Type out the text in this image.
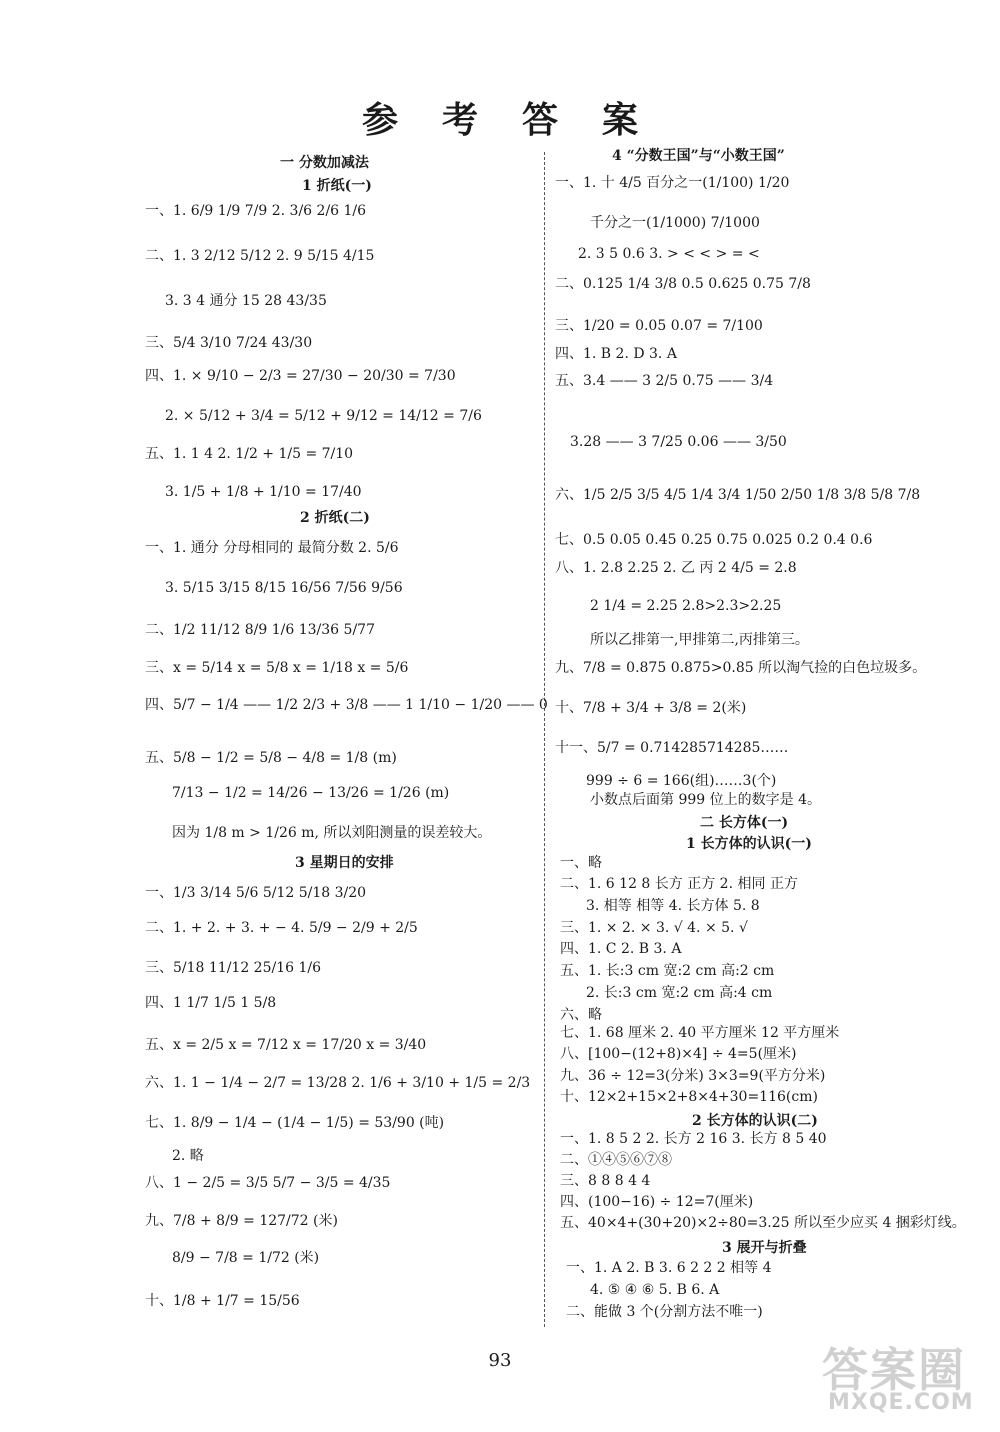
参考答案
一 分数加减法
1 折纸(一)
一、1. 6/9 1/9 7/9 2. 3/6 2/6 1/6
二、1. 3 2/12 5/12 2. 9 5/15 4/15
3. 3 4 通分 15 28 43/35
三、5/4 3/10 7/24 43/30
四、1. × 9/10 − 2/3 = 27/30 − 20/30 = 7/30
2. × 5/12 + 3/4 = 5/12 + 9/12 = 14/12 = 7/6
五、1. 1 4 2. 1/2 + 1/5 = 7/10
3. 1/5 + 1/8 + 1/10 = 17/40
2 折纸(二)
一、1. 通分 分母相同的 最简分数 2. 5/6
3. 5/15 3/15 8/15 16/56 7/56 9/56
二、1/2 11/12 8/9 1/6 13/36 5/77
三、x = 5/14 x = 5/8 x = 1/18 x = 5/6
四、5/7 − 1/4 —— 1/2 2/3 + 3/8 —— 1 1/10 − 1/20 —— 0
五、5/8 − 1/2 = 5/8 − 4/8 = 1/8 (m)
7/13 − 1/2 = 14/26 − 13/26 = 1/26 (m)
因为 1/8 m > 1/26 m, 所以刘阳测量的误差较大。
3 星期日的安排
一、1/3 3/14 5/6 5/12 5/18 3/20
二、1. + 2. + 3. + − 4. 5/9 − 2/9 + 2/5
三、5/18 11/12 25/16 1/6
四、1 1/7 1/5 1 5/8
五、x = 2/5 x = 7/12 x = 17/20 x = 3/40
六、1. 1 − 1/4 − 2/7 = 13/28 2. 1/6 + 3/10 + 1/5 = 2/3
七、1. 8/9 − 1/4 − (1/4 − 1/5) = 53/90 (吨)
2. 略
八、1 − 2/5 = 3/5 5/7 − 3/5 = 4/35
九、7/8 + 8/9 = 127/72 (米)
8/9 − 7/8 = 1/72 (米)
十、1/8 + 1/7 = 15/56
4 “分数王国”与“小数王国”
一、1. 十 4/5 百分之一(1/100) 1/20
千分之一(1/1000) 7/1000
2. 3 5 0.6 3. > < < > = <
二、0.125 1/4 3/8 0.5 0.625 0.75 7/8
三、1/20 = 0.05 0.07 = 7/100
四、1. B 2. D 3. A
五、3.4 —— 3 2/5 0.75 —— 3/4
3.28 —— 3 7/25 0.06 —— 3/50
六、1/5 2/5 3/5 4/5 1/4 3/4 1/50 2/50 1/8 3/8 5/8 7/8
七、0.5 0.05 0.45 0.25 0.75 0.025 0.2 0.4 0.6
八、1. 2.8 2.25 2. 乙 丙 2 4/5 = 2.8
2 1/4 = 2.25 2.8>2.3>2.25
所以乙排第一,甲排第二,丙排第三。
九、7/8 = 0.875 0.875>0.85 所以淘气捡的白色垃圾多。
十、7/8 + 3/4 + 3/8 = 2(米)
十一、5/7 = 0.714285714285……
999 ÷ 6 = 166(组)……3(个)
小数点后面第 999 位上的数字是 4。
二 长方体(一)
1 长方体的认识(一)
一、略
二、1. 6 12 8 长方 正方 2. 相同 正方
3. 相等 相等 4. 长方体 5. 8
三、1. × 2. × 3. √ 4. × 5. √
四、1. C 2. B 3. A
五、1. 长:3 cm 宽:2 cm 高:2 cm
2. 长:3 cm 宽:2 cm 高:4 cm
六、略
七、1. 68 厘米 2. 40 平方厘米 12 平方厘米
八、[100−(12+8)×4] ÷ 4=5(厘米)
九、36 ÷ 12=3(分米) 3×3=9(平方分米)
十、12×2+15×2+8×4+30=116(cm)
2 长方体的认识(二)
一、1. 8 5 2 2. 长方 2 16 3. 长方 8 5 40
二、①④⑤⑥⑦⑧
三、8 8 8 4 4
四、(100−16) ÷ 12=7(厘米)
五、40×4+(30+20)×2÷80=3.25 所以至少应买 4 捆彩灯线。
3 展开与折叠
一、1. A 2. B 3. 6 2 2 2 相等 4
4. ⑤ ④ ⑥ 5. B 6. A
二、能做 3 个(分割方法不唯一)
93	答案圈
MXQE.COM
